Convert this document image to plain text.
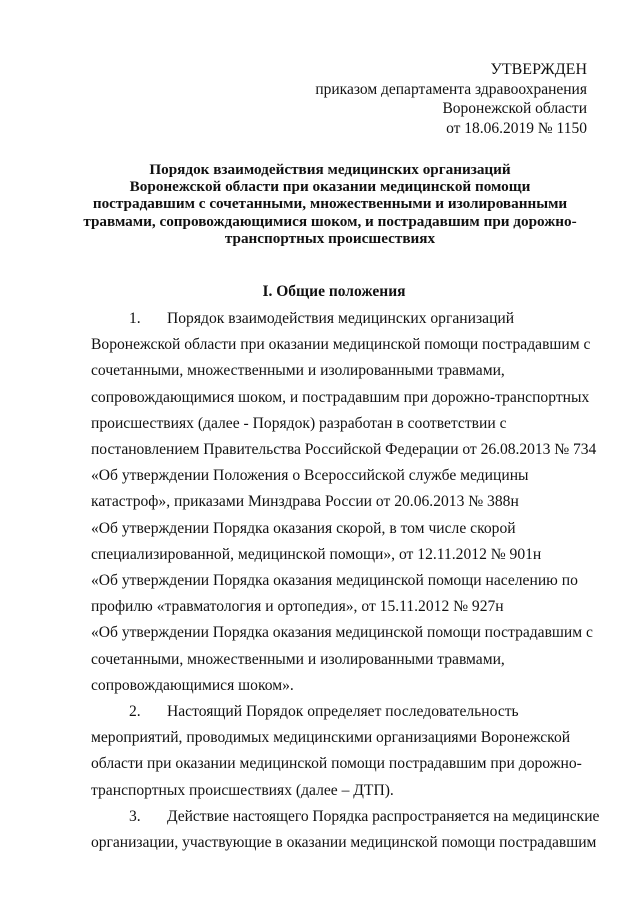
УТВЕРЖДЕН
приказом департамента здравоохранения
Воронежской области
от 18.06.2019 № 1150
Порядок взаимодействия медицинских организаций
Воронежской области при оказании медицинской помощи
пострадавшим с сочетанными, множественными и изолированными
травмами, сопровождающимися шоком, и пострадавшим при дорожно-
транспортных происшествиях
I. Общие положения
1. Порядок взаимодействия медицинских организаций
Воронежской области при оказании медицинской помощи пострадавшим с
сочетанными, множественными и изолированными травмами,
сопровождающимися шоком, и пострадавшим при дорожно-транспортных
происшествиях (далее - Порядок) разработан в соответствии с
постановлением Правительства Российской Федерации от 26.08.2013 № 734
«Об утверждении Положения о Всероссийской службе медицины
катастроф», приказами Минздрава России от 20.06.2013 № 388н
«Об утверждении Порядка оказания скорой, в том числе скорой
специализированной, медицинской помощи», от 12.11.2012 № 901н
«Об утверждении Порядка оказания медицинской помощи населению по
профилю «травматология и ортопедия», от 15.11.2012 № 927н
«Об утверждении Порядка оказания медицинской помощи пострадавшим с
сочетанными, множественными и изолированными травмами,
сопровождающимися шоком».
2. Настоящий Порядок определяет последовательность
мероприятий, проводимых медицинскими организациями Воронежской
области при оказании медицинской помощи пострадавшим при дорожно-
транспортных происшествиях (далее – ДТП).
3. Действие настоящего Порядка распространяется на медицинские
организации, участвующие в оказании медицинской помощи пострадавшим
